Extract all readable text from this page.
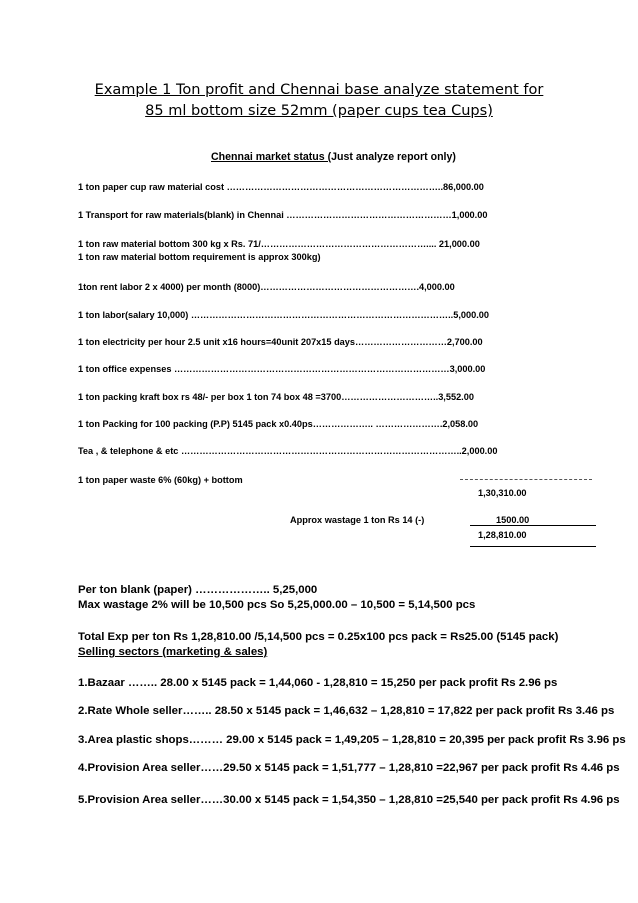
Example 1 Ton profit and Chennai base analyze statement for
85 ml bottom size 52mm (paper cups tea Cups)
Chennai market status (Just analyze report only)
1 ton paper cup raw material cost ……………………………………………………………..86,000.00
1 Transport for raw materials(blank) in Chennai ………………………………………………1,000.00
1 ton raw material bottom 300 kg x Rs. 71/……………………………………………….... 21,000.00
1 ton raw material bottom requirement is approx 300kg)
1ton rent labor 2 x 4000) per month (8000)…………………………………………….4,000.00
1 ton labor(salary 10,000) …………………………………………………………………………..5,000.00
1 ton electricity per hour 2.5 unit x16 hours=40unit 207x15 days…………………………2,700.00
1 ton office expenses ………………………………………………………………………………3,000.00
1 ton packing kraft box rs 48/- per box 1 ton 74 box 48 =3700…………………………..3,552.00
1 ton Packing for 100 packing (P.P) 5145 pack x0.40ps……………….. ………………….2,058.00
Tea , & telephone & etc ………………………………………………………………………………..2,000.00
1 ton paper waste 6% (60kg) + bottom
1,30,310.00
Approx wastage 1 ton Rs 14 (-)	1500.00
1,28,810.00
Per ton blank (paper) ……………….. 5,25,000
Max wastage 2% will be 10,500 pcs So 5,25,000.00 – 10,500 = 5,14,500 pcs
Total Exp per ton Rs 1,28,810.00 /5,14,500 pcs = 0.25x100 pcs pack = Rs25.00 (5145 pack)
Selling sectors (marketing & sales)
1.Bazaar …….. 28.00 x 5145 pack = 1,44,060 - 1,28,810 = 15,250 per pack profit Rs 2.96 ps
2.Rate Whole seller…….. 28.50 x 5145 pack = 1,46,632 – 1,28,810 = 17,822 per pack profit Rs 3.46 ps
3.Area plastic shops……… 29.00 x 5145 pack = 1,49,205 – 1,28,810 = 20,395 per pack profit Rs 3.96 ps
4.Provision Area seller……29.50 x 5145 pack = 1,51,777 – 1,28,810 =22,967 per pack profit Rs 4.46 ps
5.Provision Area seller……30.00 x 5145 pack = 1,54,350 – 1,28,810 =25,540 per pack profit Rs 4.96 ps
